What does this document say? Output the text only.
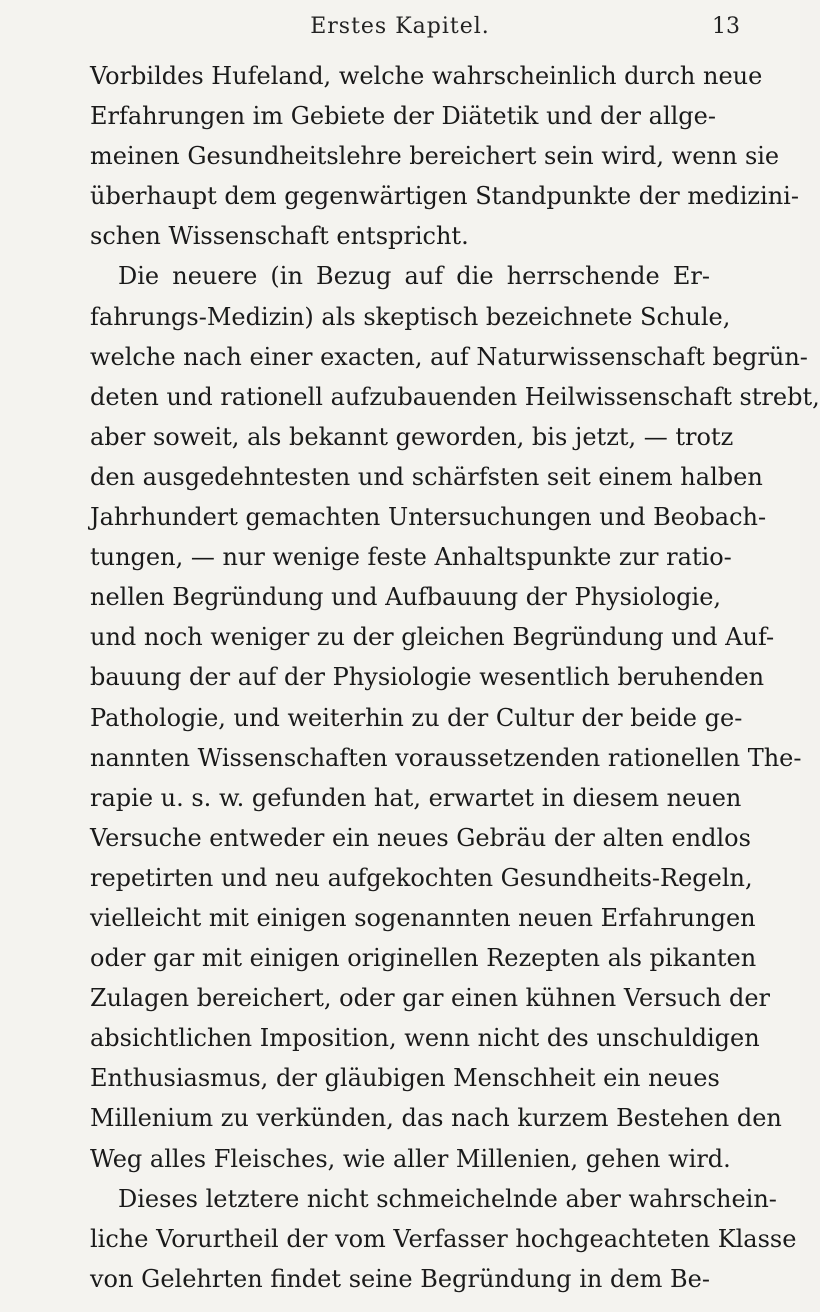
Erstes Kapitel.	13
Vorbildes Hufeland, welche wahrscheinlich durch neue
Erfahrungen im Gebiete der Diätetik und der allge-
meinen Gesundheitslehre bereichert sein wird, wenn sie
überhaupt dem gegenwärtigen Standpunkte der medizini-
schen Wissenschaft entspricht.
Die neuere (in Bezug auf die herrschende Er-
fahrungs-Medizin) als skeptisch bezeichnete Schule,
welche nach einer exacten, auf Naturwissenschaft begrün-
deten und rationell aufzubauenden Heilwissenschaft strebt,
aber soweit, als bekannt geworden, bis jetzt, — trotz
den ausgedehntesten und schärfsten seit einem halben
Jahrhundert gemachten Untersuchungen und Beobach-
tungen, — nur wenige feste Anhaltspunkte zur ratio-
nellen Begründung und Aufbauung der Physiologie,
und noch weniger zu der gleichen Begründung und Auf-
bauung der auf der Physiologie wesentlich beruhenden
Pathologie, und weiterhin zu der Cultur der beide ge-
nannten Wissenschaften voraussetzenden rationellen The-
rapie u. s. w. gefunden hat, erwartet in diesem neuen
Versuche entweder ein neues Gebräu der alten endlos
repetirten und neu aufgekochten Gesundheits-Regeln,
vielleicht mit einigen sogenannten neuen Erfahrungen
oder gar mit einigen originellen Rezepten als pikanten
Zulagen bereichert, oder gar einen kühnen Versuch der
absichtlichen Imposition, wenn nicht des unschuldigen
Enthusiasmus, der gläubigen Menschheit ein neues
Millenium zu verkünden, das nach kurzem Bestehen den
Weg alles Fleisches, wie aller Millenien, gehen wird.
Dieses letztere nicht schmeichelnde aber wahrschein-
liche Vorurtheil der vom Verfasser hochgeachteten Klasse
von Gelehrten findet seine Begründung in dem Be-
